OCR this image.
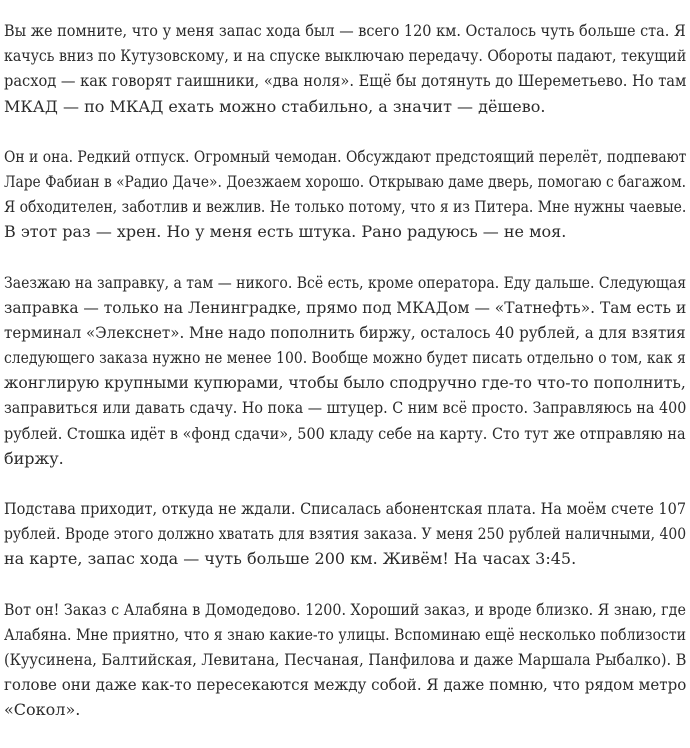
Вы же помните, что у меня запас хода был — всего 120 км. Осталось чуть больше ста. Я
качусь вниз по Кутузовскому, и на спуске выключаю передачу. Обороты падают, текущий
расход — как говорят гаишники, «два ноля». Ещё бы дотянуть до Шереметьево. Но там
МКАД — по МКАД ехать можно стабильно, а значит — дёшево.

Он и она. Редкий отпуск. Огромный чемодан. Обсуждают предстоящий перелёт, подпевают
Ларе Фабиан в «Радио Даче». Доезжаем хорошо. Открываю даме дверь, помогаю с багажом.
Я обходителен, заботлив и вежлив. Не только потому, что я из Питера. Мне нужны чаевые.
В этот раз — хрен. Но у меня есть штука. Рано радуюсь — не моя.

Заезжаю на заправку, а там — никого. Всё есть, кроме оператора. Еду дальше. Следующая
заправка — только на Ленинградке, прямо под МКАДом — «Татнефть». Там есть и
терминал «Элекснет». Мне надо пополнить биржу, осталось 40 рублей, а для взятия
следующего заказа нужно не менее 100. Вообще можно будет писать отдельно о том, как я
жонглирую крупными купюрами, чтобы было сподручно где-то что-то пополнить,
заправиться или давать сдачу. Но пока — штуцер. С ним всё просто. Заправляюсь на 400
рублей. Стошка идёт в «фонд сдачи», 500 кладу себе на карту. Сто тут же отправляю на
биржу.

Подстава приходит, откуда не ждали. Списалась абонентская плата. На моём счете 107
рублей. Вроде этого должно хватать для взятия заказа. У меня 250 рублей наличными, 400
на карте, запас хода — чуть больше 200 км. Живём! На часах 3:45.

Вот он! Заказ с Алабяна в Домодедово. 1200. Хороший заказ, и вроде близко. Я знаю, где
Алабяна. Мне приятно, что я знаю какие-то улицы. Вспоминаю ещё несколько поблизости
(Куусинена, Балтийская, Левитана, Песчаная, Панфилова и даже Маршала Рыбалко). В
голове они даже как-то пересекаются между собой. Я даже помню, что рядом метро
«Сокол».
